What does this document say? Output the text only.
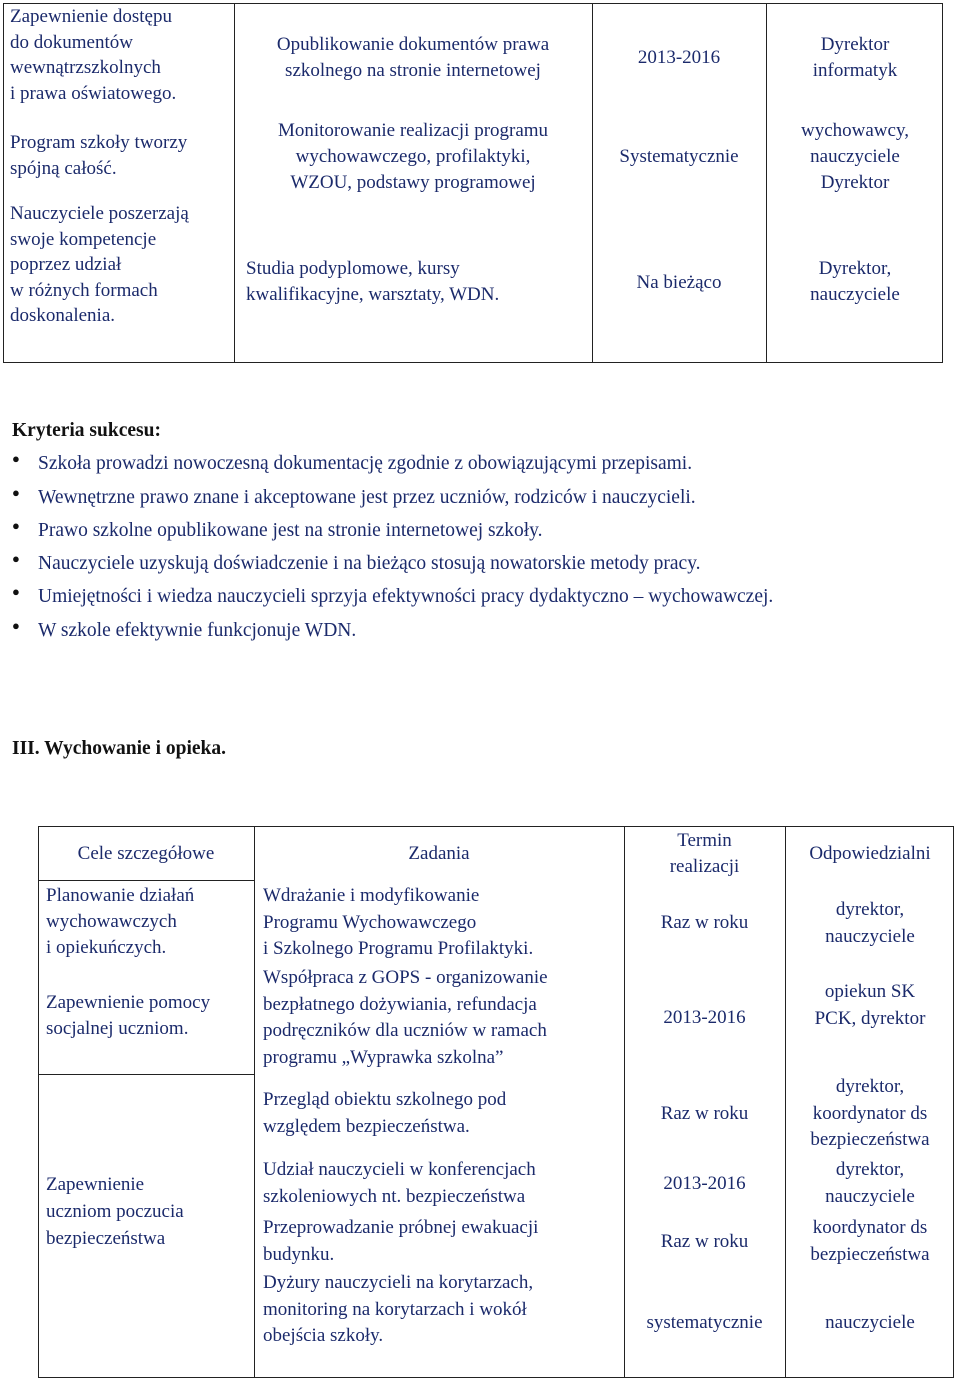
Zapewnienie dostępu
do dokumentów
wewnątrzszkolnych
i prawa oświatowego.
Program szkoły tworzy
spójną całość.
Nauczyciele poszerzają
swoje kompetencje
poprzez udział
w różnych formach
doskonalenia.
Opublikowanie dokumentów prawa
szkolnego na stronie internetowej
Monitorowanie realizacji programu
wychowawczego, profilaktyki,
WZOU, podstawy programowej
Studia podyplomowe, kursy
kwalifikacyjne, warsztaty, WDN.
2013-2016
Systematycznie
Na bieżąco
Dyrektor
informatyk
wychowawcy,
nauczyciele
Dyrektor
Dyrektor,
nauczyciele
Kryteria sukcesu:
● Szkoła prowadzi nowoczesną dokumentację zgodnie z obowiązującymi przepisami.
● Wewnętrzne prawo znane i akceptowane jest przez uczniów, rodziców i nauczycieli.
● Prawo szkolne opublikowane jest na stronie internetowej szkoły.
● Nauczyciele uzyskują doświadczenie i na bieżąco stosują nowatorskie metody pracy.
● Umiejętności i wiedza nauczycieli sprzyja efektywności pracy dydaktyczno – wychowawczej.
● W szkole efektywnie funkcjonuje WDN.
III. Wychowanie i opieka.
Cele szczegółowe	Zadania
Termin
realizacji
Odpowiedzialni
Planowanie działań
wychowawczych
i opiekuńczych.
Zapewnienie pomocy
socjalnej uczniom.
Zapewnienie
uczniom poczucia
bezpieczeństwa
Wdrażanie i modyfikowanie
Programu Wychowawczego
i Szkolnego Programu Profilaktyki.
Współpraca z GOPS - organizowanie
bezpłatnego dożywiania, refundacja
podręczników dla uczniów w ramach
programu „Wyprawka szkolna”
Przegląd obiektu szkolnego pod
względem bezpieczeństwa.
Udział nauczycieli w konferencjach
szkoleniowych nt. bezpieczeństwa
Przeprowadzanie próbnej ewakuacji
budynku.
Dyżury nauczycieli na korytarzach,
monitoring na korytarzach i wokół
obejścia szkoły.
Raz w roku
2013-2016
Raz w roku
2013-2016
Raz w roku
systematycznie
dyrektor,
nauczyciele
opiekun SK
PCK, dyrektor
dyrektor,
koordynator ds
bezpieczeństwa
dyrektor,
nauczyciele
koordynator ds
bezpieczeństwa
nauczyciele
